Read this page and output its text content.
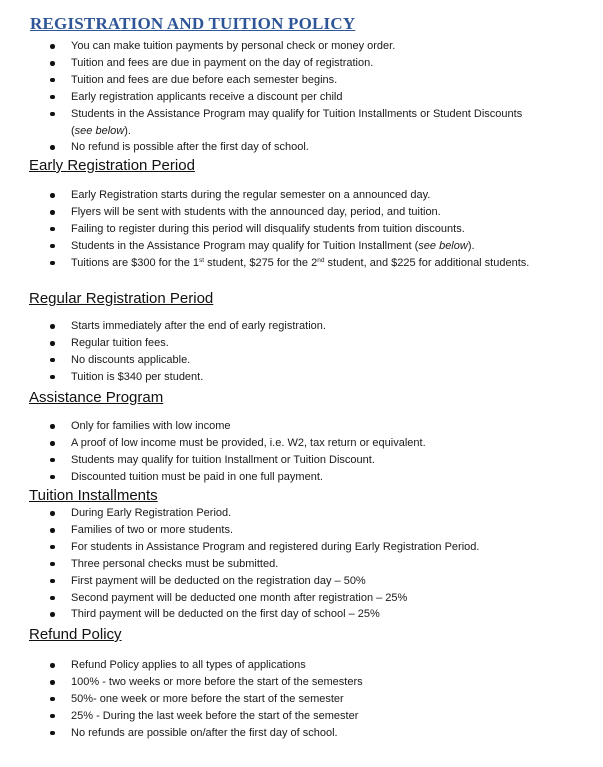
REGISTRATION AND TUITION POLICY
You can make tuition payments by personal check or money order.
Tuition and fees are due in payment on the day of registration.
Tuition and fees are due before each semester begins.
Early registration applicants receive a discount per child
Students in the Assistance Program may qualify for Tuition Installments or Student Discounts
(see below).
No refund is possible after the first day of school.
Early Registration Period
Early Registration starts during the regular semester on a announced day.
Flyers will be sent with students with the announced day, period, and tuition.
Failing to register during this period will disqualify students from tuition discounts.
Students in the Assistance Program may qualify for Tuition Installment (see below).
Tuitions are $300 for the 1st student, $275 for the 2nd student, and $225 for additional students.
Regular Registration Period
Starts immediately after the end of early registration.
Regular tuition fees.
No discounts applicable.
Tuition is $340 per student.
Assistance Program
Only for families with low income
A proof of low income must be provided, i.e. W2, tax return or equivalent.
Students may qualify for tuition Installment or Tuition Discount.
Discounted tuition must be paid in one full payment.
Tuition Installments
During Early Registration Period.
Families of two or more students.
For students in Assistance Program and registered during Early Registration Period.
Three personal checks must be submitted.
First payment will be deducted on the registration day – 50%
Second payment will be deducted one month after registration – 25%
Third payment will be deducted on the first day of school – 25%
Refund Policy
Refund Policy applies to all types of applications
100% - two weeks or more before the start of the semesters
50%- one week or more before the start of the semester
25% - During the last week before the start of the semester
No refunds are possible on/after the first day of school.
